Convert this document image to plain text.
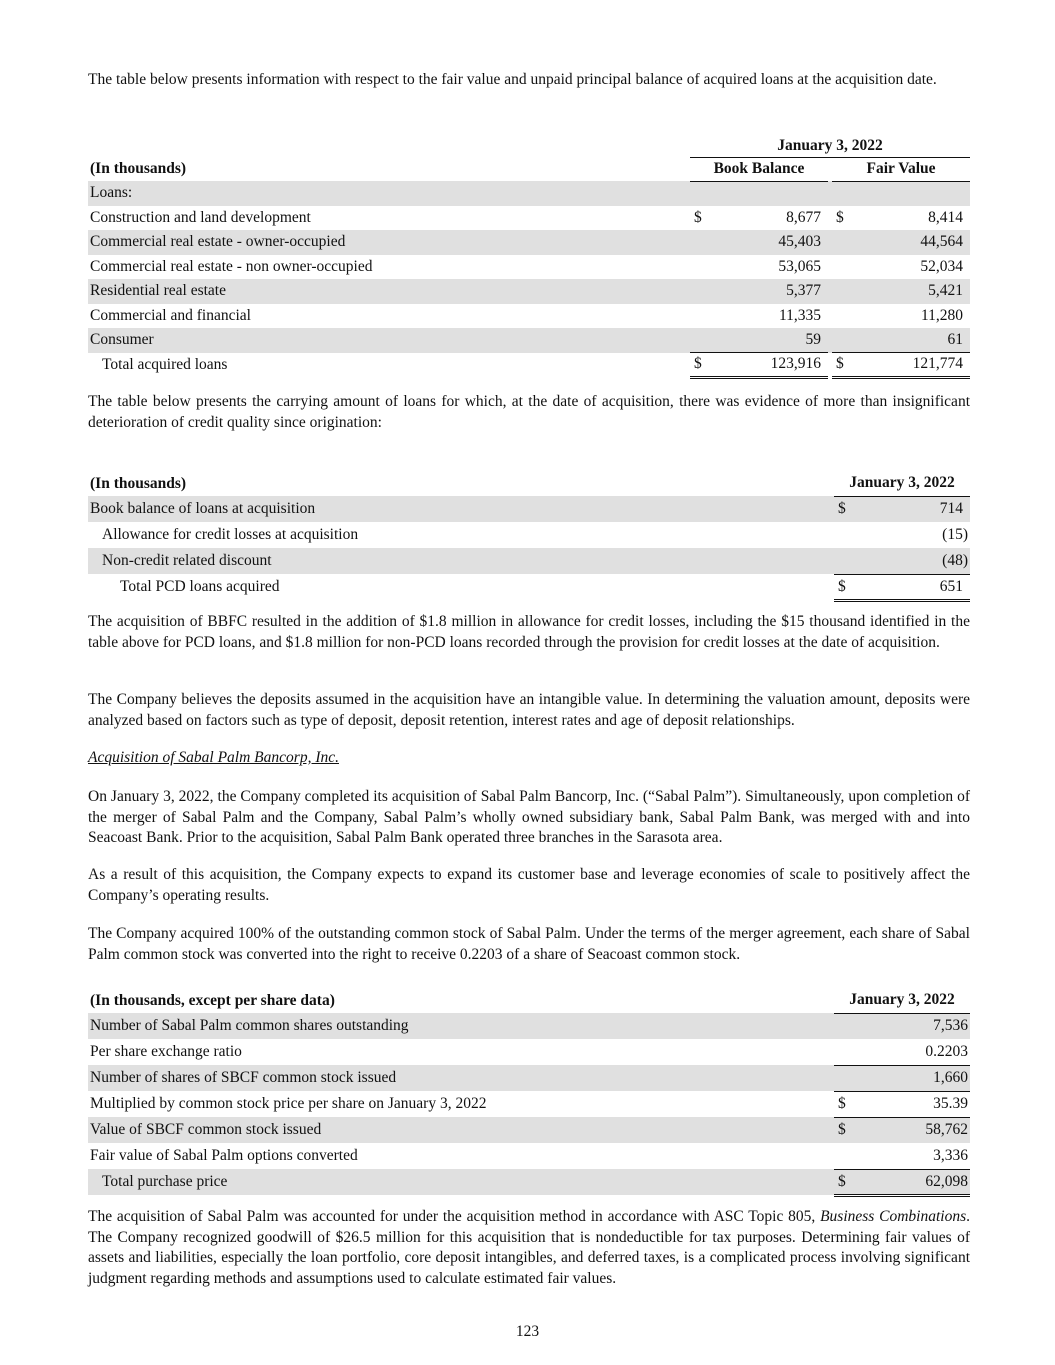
The table below presents information with respect to the fair value and unpaid principal balance of acquired loans at the acquisition date.

	January 3, 2022		
(In thousands)	Book Balance		Fair Value
Loans:			
Construction and land development	$ 8,677		$ 8,414

Commercial real estate - owner-occupied	45,403		44,564
Commercial real estate - non owner-occupied	53,065		52,034
Residential real estate	5,377		5,421
Commercial and financial	11,335		11,280
Consumer	59		61
Total acquired loans	$ 123,916		$ 121,774

The table below presents the carrying amount of loans for which, at the date of acquisition, there was evidence of more than insignificant deterioration of credit quality since origination:

(In thousands)	January 3, 2022
Book balance of loans at acquisition	$ 714

Allowance for credit losses at acquisition	(15)
Non-credit related discount	(48)
Total PCD loans acquired	$ 651

The acquisition of BBFC resulted in the addition of $1.8 million in allowance for credit losses, including the $15 thousand identified in the table above for PCD loans, and $1.8 million for non-PCD loans recorded through the provision for credit losses at the date of acquisition.

The Company believes the deposits assumed in the acquisition have an intangible value. In determining the valuation amount, deposits were analyzed based on factors such as type of deposit, deposit retention, interest rates and age of deposit relationships.

Acquisition of Sabal Palm Bancorp, Inc.

On January 3, 2022, the Company completed its acquisition of Sabal Palm Bancorp, Inc. (“Sabal Palm”). Simultaneously, upon completion of the merger of Sabal Palm and the Company, Sabal Palm’s wholly owned subsidiary bank, Sabal Palm Bank, was merged with and into Seacoast Bank. Prior to the acquisition, Sabal Palm Bank operated three branches in the Sarasota area.

As a result of this acquisition, the Company expects to expand its customer base and leverage economies of scale to positively affect the Company’s operating results.

The Company acquired 100% of the outstanding common stock of Sabal Palm. Under the terms of the merger agreement, each share of Sabal Palm common stock was converted into the right to receive 0.2203 of a share of Seacoast common stock.

(In thousands, except per share data)	January 3, 2022
Number of Sabal Palm common shares outstanding	7,536
Per share exchange ratio	0.2203
Number of shares of SBCF common stock issued	1,660
Multiplied by common stock price per share on January 3, 2022	$ 35.39

Value of SBCF common stock issued	$ 58,762

Fair value of Sabal Palm options converted	3,336
Total purchase price	$ 62,098

The acquisition of Sabal Palm was accounted for under the acquisition method in accordance with ASC Topic 805, Business Combinations. The Company recognized goodwill of $26.5 million for this acquisition that is nondeductible for tax purposes. Determining fair values of assets and liabilities, especially the loan portfolio, core deposit intangibles, and deferred taxes, is a complicated process involving significant judgment regarding methods and assumptions used to calculate estimated fair values.

123
